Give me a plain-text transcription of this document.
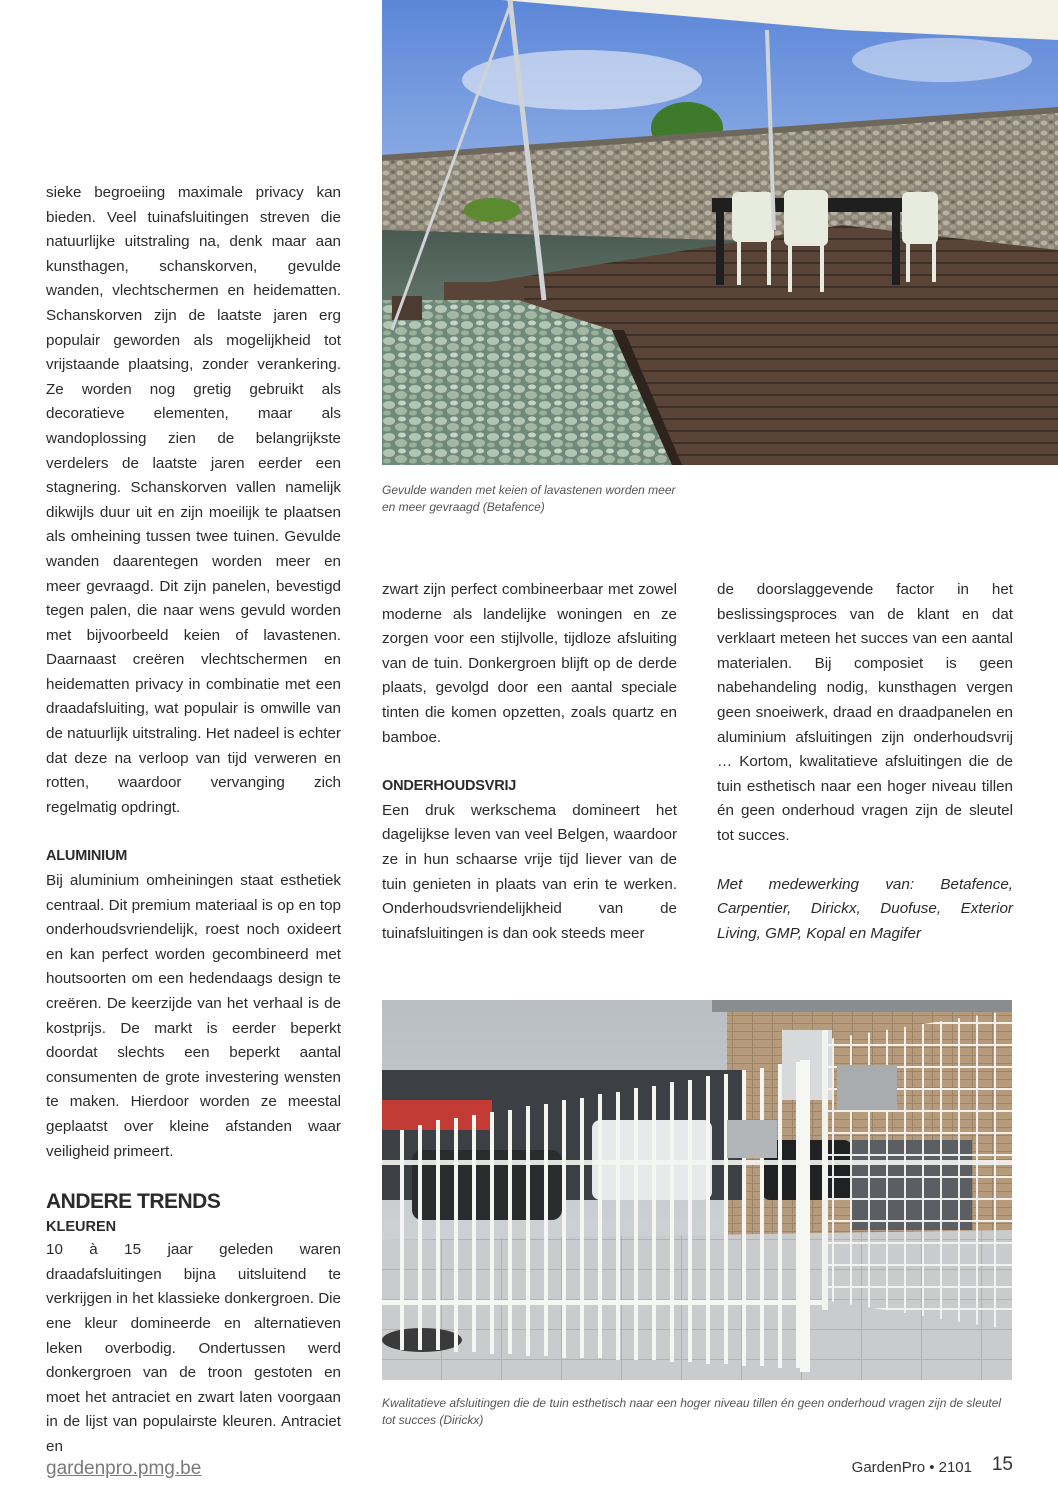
Gevulde wanden met keien of lavastenen worden meer en meer gevraagd (Betafence)

sieke begroeiing maximale privacy kan bieden. Veel tuinafsluitingen streven die natuurlijke uitstraling na, denk maar aan kunsthagen, schanskorven, gevulde wanden, vlechtschermen en heidematten. Schanskorven zijn de laatste jaren erg populair geworden als mogelijkheid tot vrijstaande plaatsing, zonder verankering. Ze worden nog gretig gebruikt als decoratieve elementen, maar als wandoplossing zien de belangrijkste verdelers de laatste jaren eerder een stagnering. Schanskorven vallen namelijk dikwijls duur uit en zijn moeilijk te plaatsen als omheining tussen twee tuinen. Gevulde wanden daarentegen worden meer en meer gevraagd. Dit zijn panelen, bevestigd tegen palen, die naar wens gevuld worden met bijvoorbeeld keien of lavastenen. Daarnaast creëren vlechtschermen en heidematten privacy in combinatie met een draadafsluiting, wat populair is omwille van de natuurlijk uitstraling. Het nadeel is echter dat deze na verloop van tijd verweren en rotten, waardoor vervanging zich regelmatig opdringt.

ALUMINIUM

Bij aluminium omheiningen staat esthetiek centraal. Dit premium materiaal is op en top onderhoudsvriendelijk, roest noch oxideert en kan perfect worden gecombineerd met houtsoorten om een hedendaags design te creëren. De keerzijde van het verhaal is de kostprijs. De markt is eerder beperkt doordat slechts een beperkt aantal consumenten de grote investering wensten te maken. Hierdoor worden ze meestal geplaatst over kleine afstanden waar veiligheid primeert.

ANDERE TRENDS

KLEUREN

10 à 15 jaar geleden waren draadafsluitingen bijna uitsluitend te verkrijgen in het klassieke donkergroen. Die ene kleur domineerde en alternatieven leken overbodig. Ondertussen werd donkergroen van de troon gestoten en moet het antraciet en zwart laten voorgaan in de lijst van populairste kleuren. Antraciet en

zwart zijn perfect combineerbaar met zowel moderne als landelijke woningen en ze zorgen voor een stijlvolle, tijdloze afsluiting van de tuin. Donkergroen blijft op de derde plaats, gevolgd door een aantal speciale tinten die komen opzetten, zoals quartz en bamboe.

ONDERHOUDSVRIJ

Een druk werkschema domineert het dagelijkse leven van veel Belgen, waardoor ze in hun schaarse vrije tijd liever van de tuin genieten in plaats van erin te werken. Onderhoudsvriendelijkheid van de tuinafsluitingen is dan ook steeds meer

de doorslaggevende factor in het beslissingsproces van de klant en dat verklaart meteen het succes van een aantal materialen. Bij composiet is geen nabehandeling nodig, kunsthagen vergen geen snoeiwerk, draad en draadpanelen en aluminium afsluitingen zijn onderhoudsvrij … Kortom, kwalitatieve afsluitingen die de tuin esthetisch naar een hoger niveau tillen én geen onderhoud vragen zijn de sleutel tot succes.

Met medewerking van: Betafence, Carpentier, Dirickx, Duofuse, Exterior Living, GMP, Kopal en Magifer

Kwalitatieve afsluitingen die de tuin esthetisch naar een hoger niveau tillen én geen onderhoud vragen zijn de sleutel tot succes (Dirickx)
gardenpro.pmg.be	GardenPro • 2101 15
